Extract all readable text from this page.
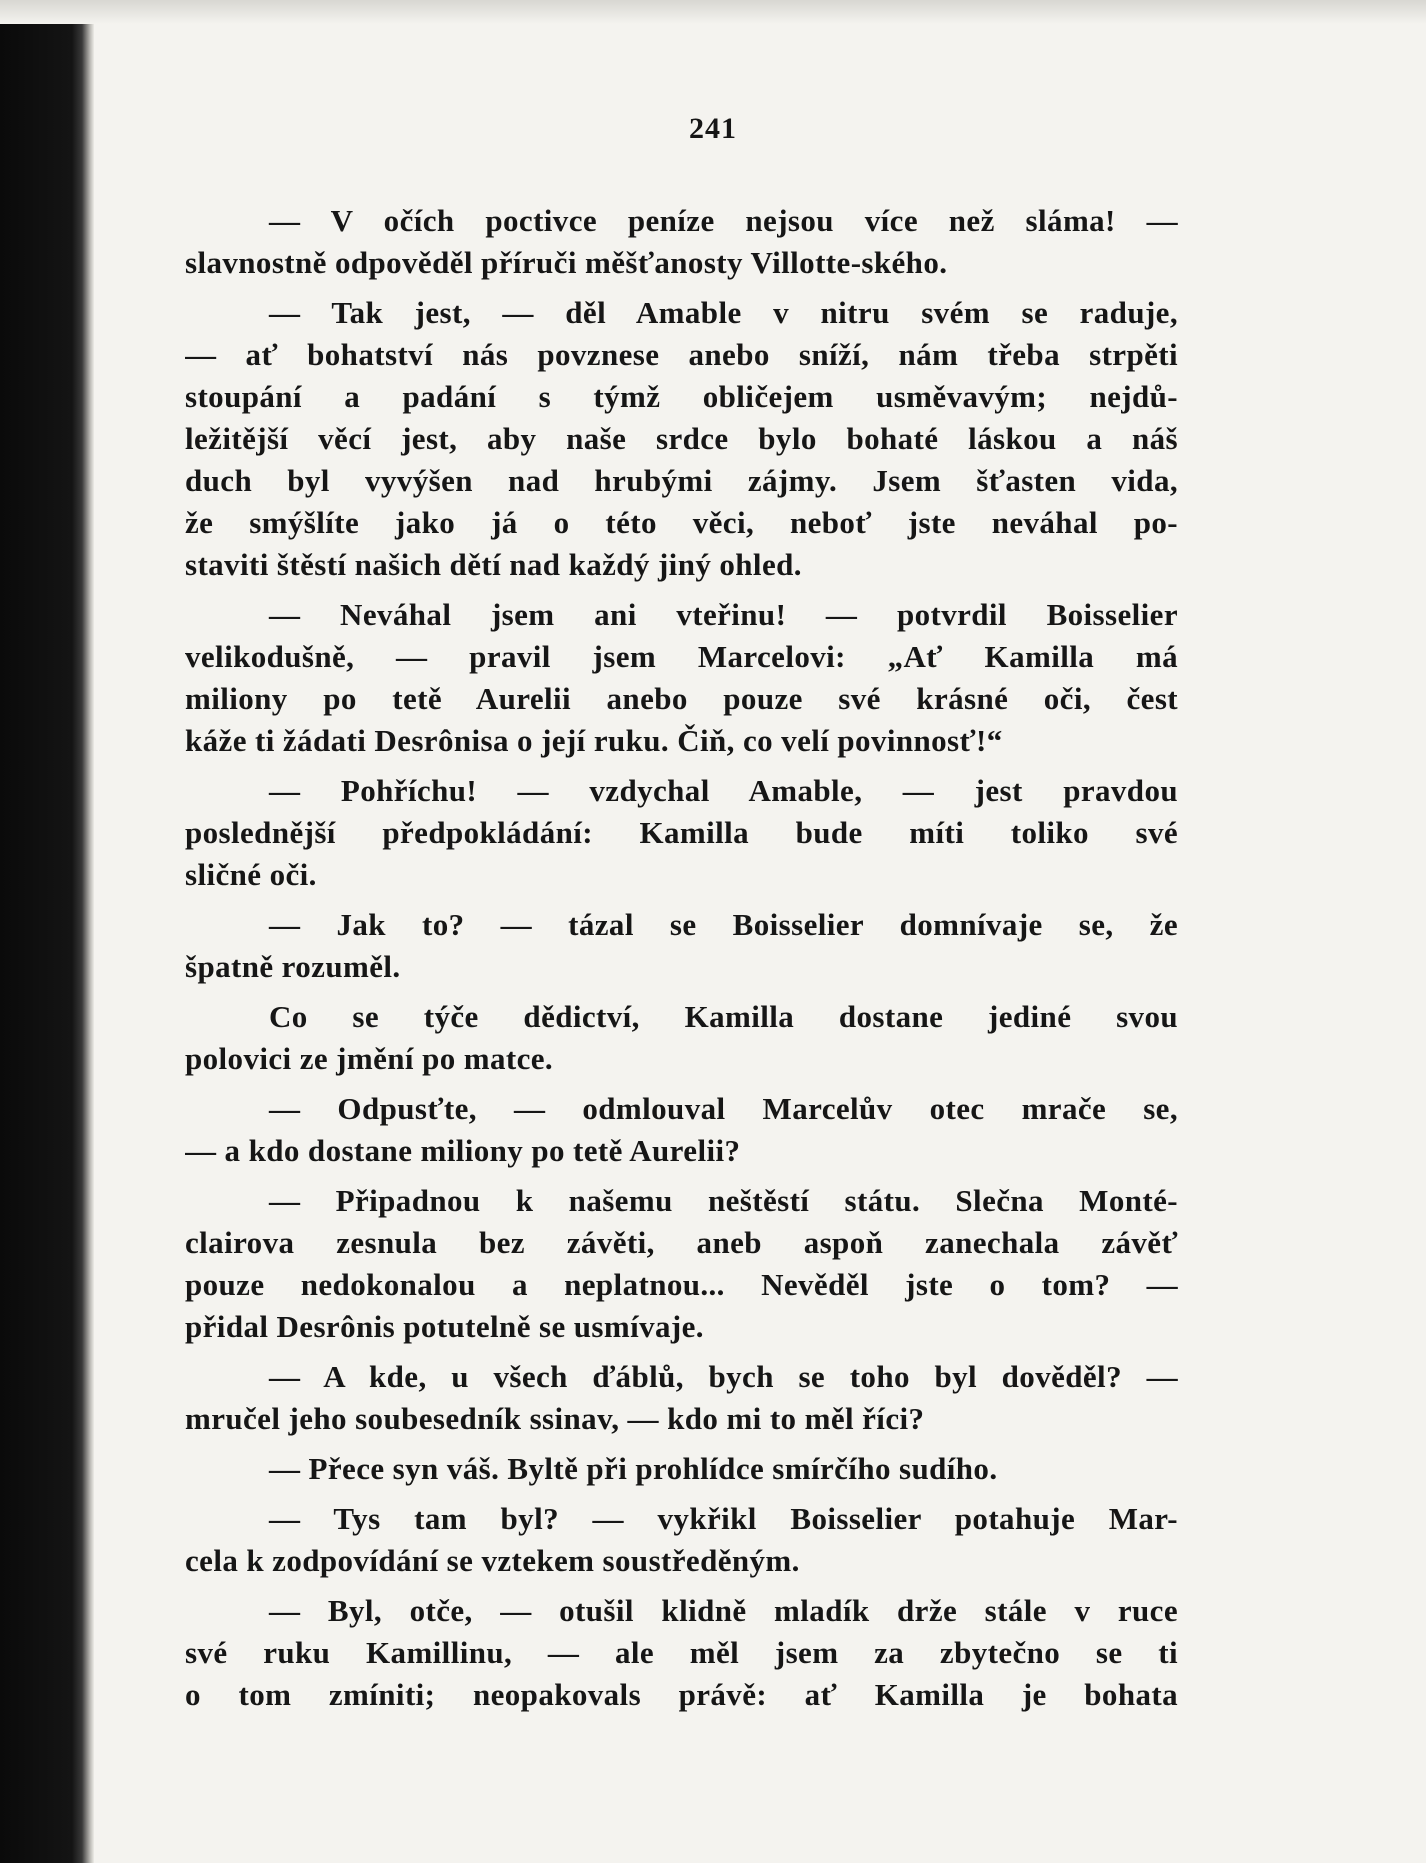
241
— V očích poctivce peníze nejsou více než sláma! —
slavnostně odpověděl příruči měšťanosty Villotte-ského.
— Tak jest, — děl Amable v nitru svém se raduje,
— ať bohatství nás povznese anebo sníží, nám třeba strpěti
stoupání a padání s týmž obličejem usměvavým; nejdů-
ležitější věcí jest, aby naše srdce bylo bohaté láskou a náš
duch byl vyvýšen nad hrubými zájmy. Jsem šťasten vida,
že smýšlíte jako já o této věci, neboť jste neváhal po-
staviti štěstí našich dětí nad každý jiný ohled.
— Neváhal jsem ani vteřinu! — potvrdil Boisselier
velikodušně, — pravil jsem Marcelovi: „Ať Kamilla má
miliony po tetě Aurelii anebo pouze své krásné oči, čest
káže ti žádati Desrônisa o její ruku. Čiň, co velí povinnosť!“
— Pohříchu! — vzdychal Amable, — jest pravdou
poslednější předpokládání: Kamilla bude míti toliko své
sličné oči.
— Jak to? — tázal se Boisselier domnívaje se, že
špatně rozuměl.
Co se týče dědictví, Kamilla dostane jediné svou
polovici ze jmění po matce.
— Odpusťte, — odmlouval Marcelův otec mrače se,
— a kdo dostane miliony po tetě Aurelii?
— Připadnou k našemu neštěstí státu. Slečna Monté-
clairova zesnula bez závěti, aneb aspoň zanechala závěť
pouze nedokonalou a neplatnou... Nevěděl jste o tom? —
přidal Desrônis potutelně se usmívaje.
— A kde, u všech ďáblů, bych se toho byl dověděl? —
mručel jeho soubesedník ssinav, — kdo mi to měl říci?
— Přece syn váš. Byltě při prohlídce smírčího sudího.
— Tys tam byl? — vykřikl Boisselier potahuje Mar-
cela k zodpovídání se vztekem soustředěným.
— Byl, otče, — otušil klidně mladík drže stále v ruce
své ruku Kamillinu, — ale měl jsem za zbytečno se ti
o tom zmíniti; neopakovals právě: ať Kamilla je bohata
